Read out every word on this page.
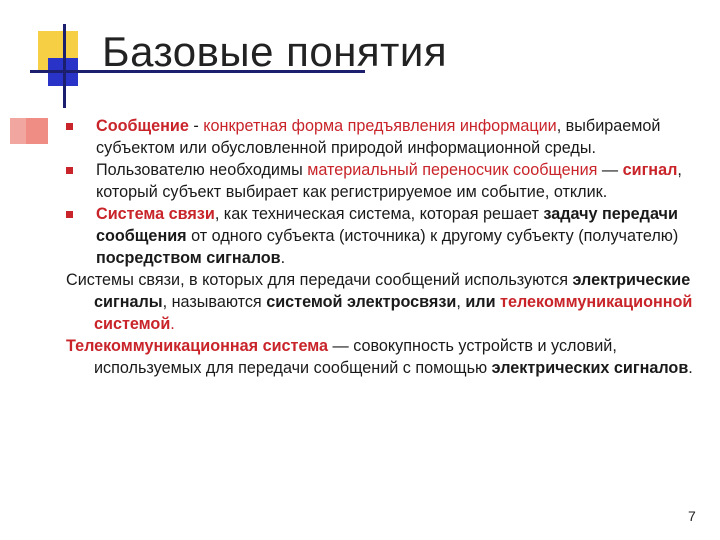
Базовые понятия

Сообщение - конкретная форма предъявления информации, выбираемой субъектом или обусловленной природой информационной среды.

Пользователю необходимы материальный переносчик сообщения — сигнал, который субъект выбирает как регистрируемое им событие, отклик.

Система связи, как техническая система, которая решает задачу передачи сообщения от одного субъекта (источника) к другому субъекту (получателю) посредством сигналов.

Системы связи, в которых для передачи сообщений используются электрические сигналы, называются системой электросвязи, или телекоммуникационной системой.

Телекоммуникационная система — совокупность устройств и условий, используемых для передачи сообщений с помощью электрических сигналов.

7
